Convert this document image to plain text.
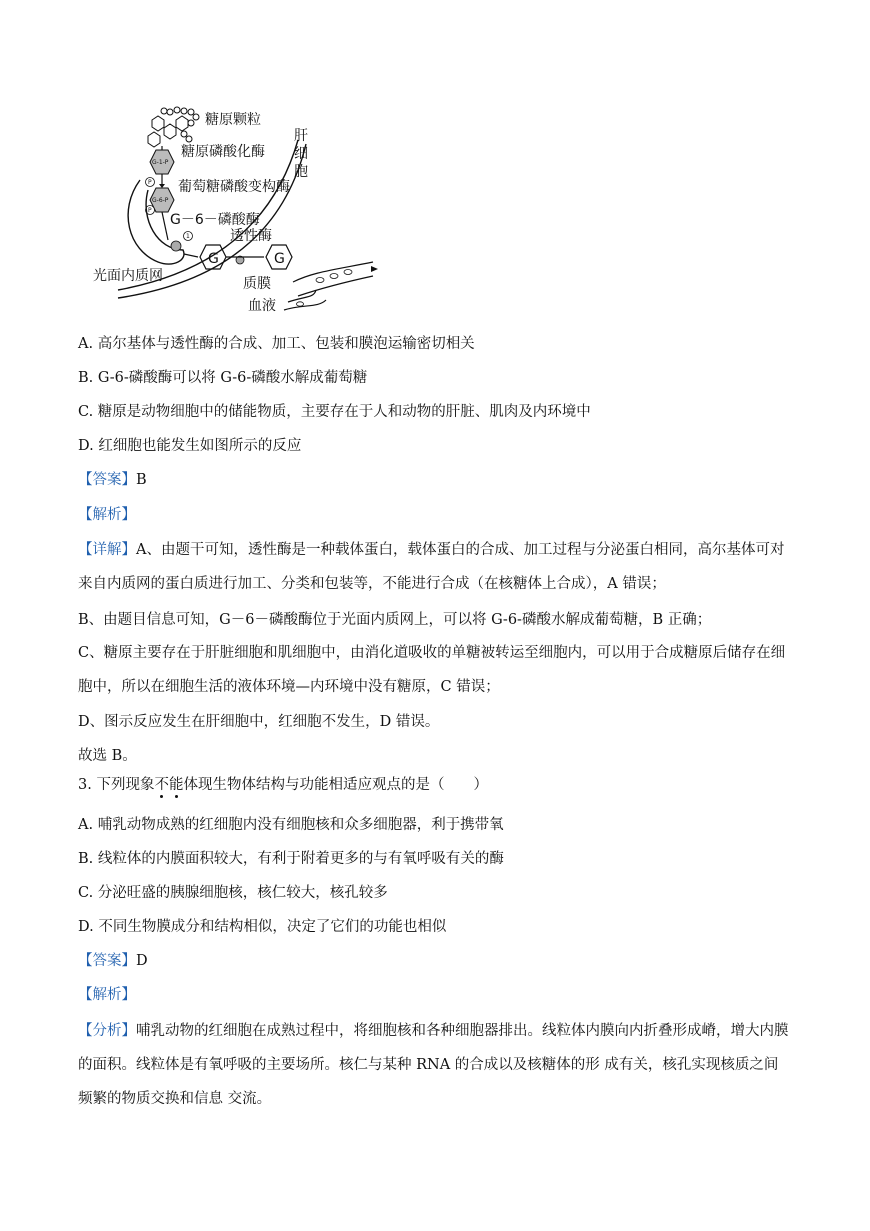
糖原颗粒
G-1-P
糖原磷酸化酶
P
G-6-P
葡萄糖磷酸变构酶
P
G－6－磷酸酶
1	透性酶
G	G
肝
细
胞
光面内质网	质膜
血液
A. 高尔基体与透性酶的合成、加工、包装和膜泡运输密切相关
B. G-6-磷酸酶可以将 G-6-磷酸水解成葡萄糖
C. 糖原是动物细胞中的储能物质，主要存在于人和动物的肝脏、肌肉及内环境中
D. 红细胞也能发生如图所示的反应
【答案】B
【解析】
【详解】A、由题干可知，透性酶是一种载体蛋白，载体蛋白的合成、加工过程与分泌蛋白相同，高尔基体可对来自内质网的蛋白质进行加工、分类和包装等，不能进行合成（在核糖体上合成），A 错误；
B、由题目信息可知，G－6－磷酸酶位于光面内质网上，可以将 G-6-磷酸水解成葡萄糖，B 正确；
C、糖原主要存在于肝脏细胞和肌细胞中，由消化道吸收的单糖被转运至细胞内，可以用于合成糖原后储存在细胞中，所以在细胞生活的液体环境—内环境中没有糖原，C 错误；
D、图示反应发生在肝细胞中，红细胞不发生，D 错误。
故选 B。
3. 下列现象不能体现生物体结构与功能相适应观点的是（　　）
A. 哺乳动物成熟的红细胞内没有细胞核和众多细胞器，利于携带氧
B. 线粒体的内膜面积较大，有利于附着更多的与有氧呼吸有关的酶
C. 分泌旺盛的胰腺细胞核，核仁较大，核孔较多
D. 不同生物膜成分和结构相似，决定了它们的功能也相似
【答案】D
【解析】
【分析】哺乳动物的红细胞在成熟过程中，将细胞核和各种细胞器排出。线粒体内膜向内折叠形成嵴，增大内膜的面积。线粒体是有氧呼吸的主要场所。核仁与某种 RNA 的合成以及核糖体的形 成有关，核孔实现核质之间频繁的物质交换和信息 交流。
